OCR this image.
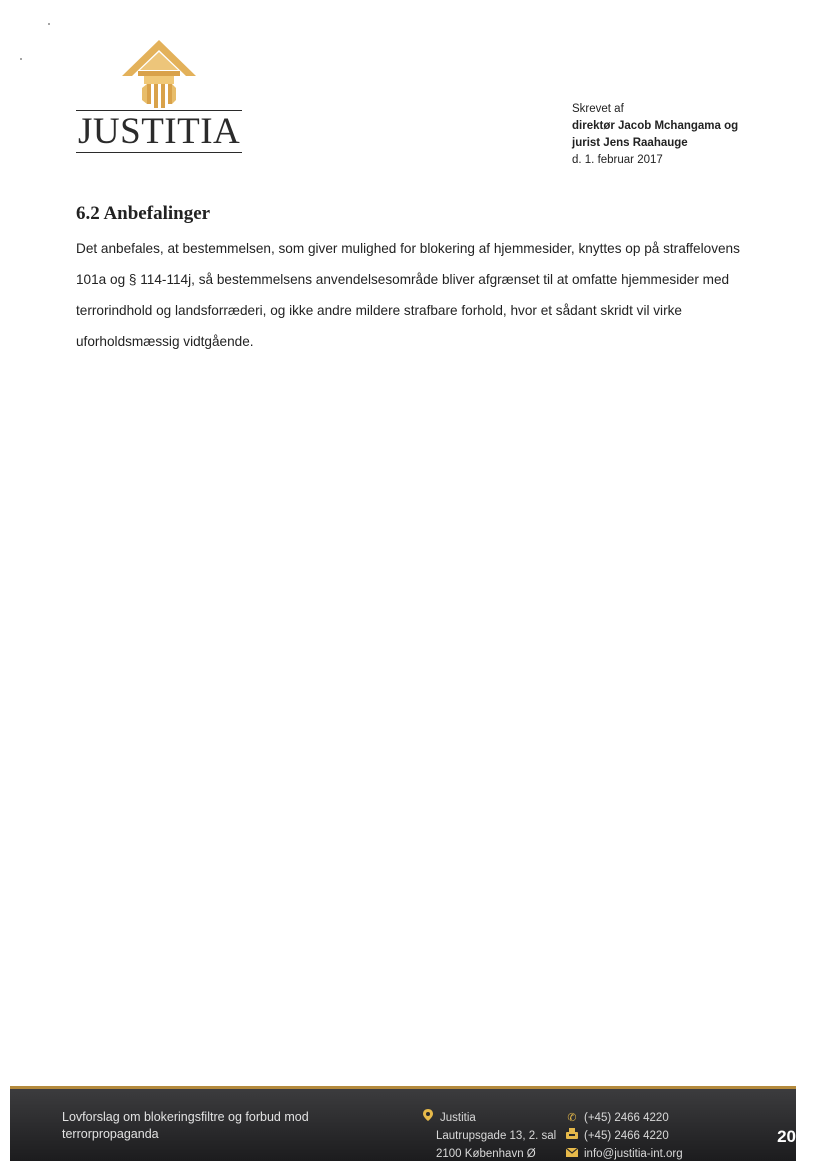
JUSTITIA
Skrevet af
direktør Jacob Mchangama og
jurist Jens Raahauge
d. 1. februar 2017
6.2 Anbefalinger
Det anbefales, at bestemmelsen, som giver mulighed for blokering af hjemmesider, knyttes op på straffelovens 101a og § 114-114j, så bestemmelsens anvendelsesområde bliver afgrænset til at omfatte hjemmesider med terrorindhold og landsforræderi, og ikke andre mildere strafbare forhold, hvor et sådant skridt vil virke uforholdsmæssig vidtgående.
Lovforslag om blokeringsfiltre og forbud mod
terrorpropaganda
Justitia
Lautrupsgade 13, 2. sal
2100 København Ø
✆ (+45) 2466 4220
(+45) 2466 4220
info@justitia-int.org
20
